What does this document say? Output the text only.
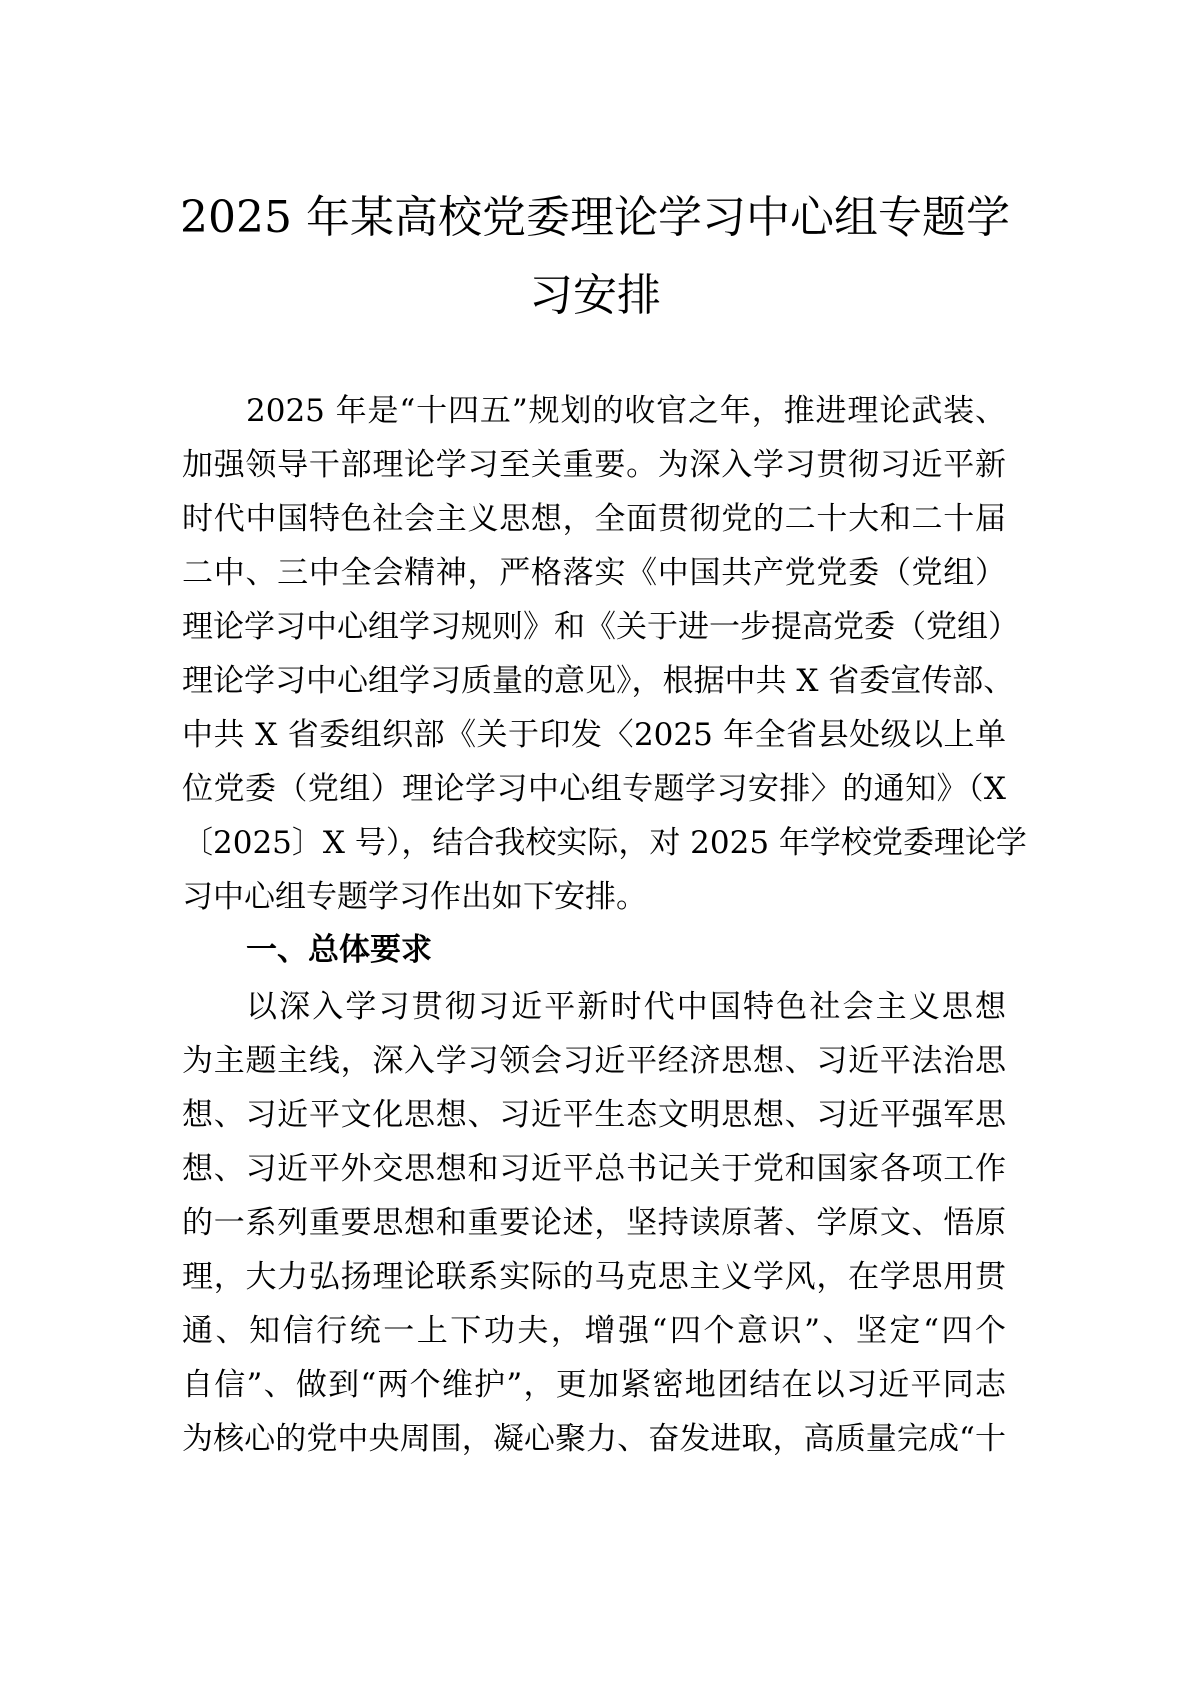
2025 年某高校党委理论学习中心组专题学
习安排
2025 年是“十四五”规划的收官之年，推进理论武装、
加强领导干部理论学习至关重要。为深入学习贯彻习近平新
时代中国特色社会主义思想，全面贯彻党的二十大和二十届
二中、三中全会精神，严格落实《中国共产党党委（党组）
理论学习中心组学习规则》和《关于进一步提高党委（党组）
理论学习中心组学习质量的意见》，根据中共 X 省委宣传部、
中共 X 省委组织部《关于印发〈2025 年全省县处级以上单
位党委（党组）理论学习中心组专题学习安排〉的通知》（X
〔2025〕X 号），结合我校实际，对 2025 年学校党委理论学
习中心组专题学习作出如下安排。
一、总体要求
以深入学习贯彻习近平新时代中国特色社会主义思想
为主题主线，深入学习领会习近平经济思想、习近平法治思
想、习近平文化思想、习近平生态文明思想、习近平强军思
想、习近平外交思想和习近平总书记关于党和国家各项工作
的一系列重要思想和重要论述，坚持读原著、学原文、悟原
理，大力弘扬理论联系实际的马克思主义学风，在学思用贯
通、知信行统一上下功夫，增强“四个意识”、坚定“四个
自信”、做到“两个维护”，更加紧密地团结在以习近平同志
为核心的党中央周围，凝心聚力、奋发进取，高质量完成“十
